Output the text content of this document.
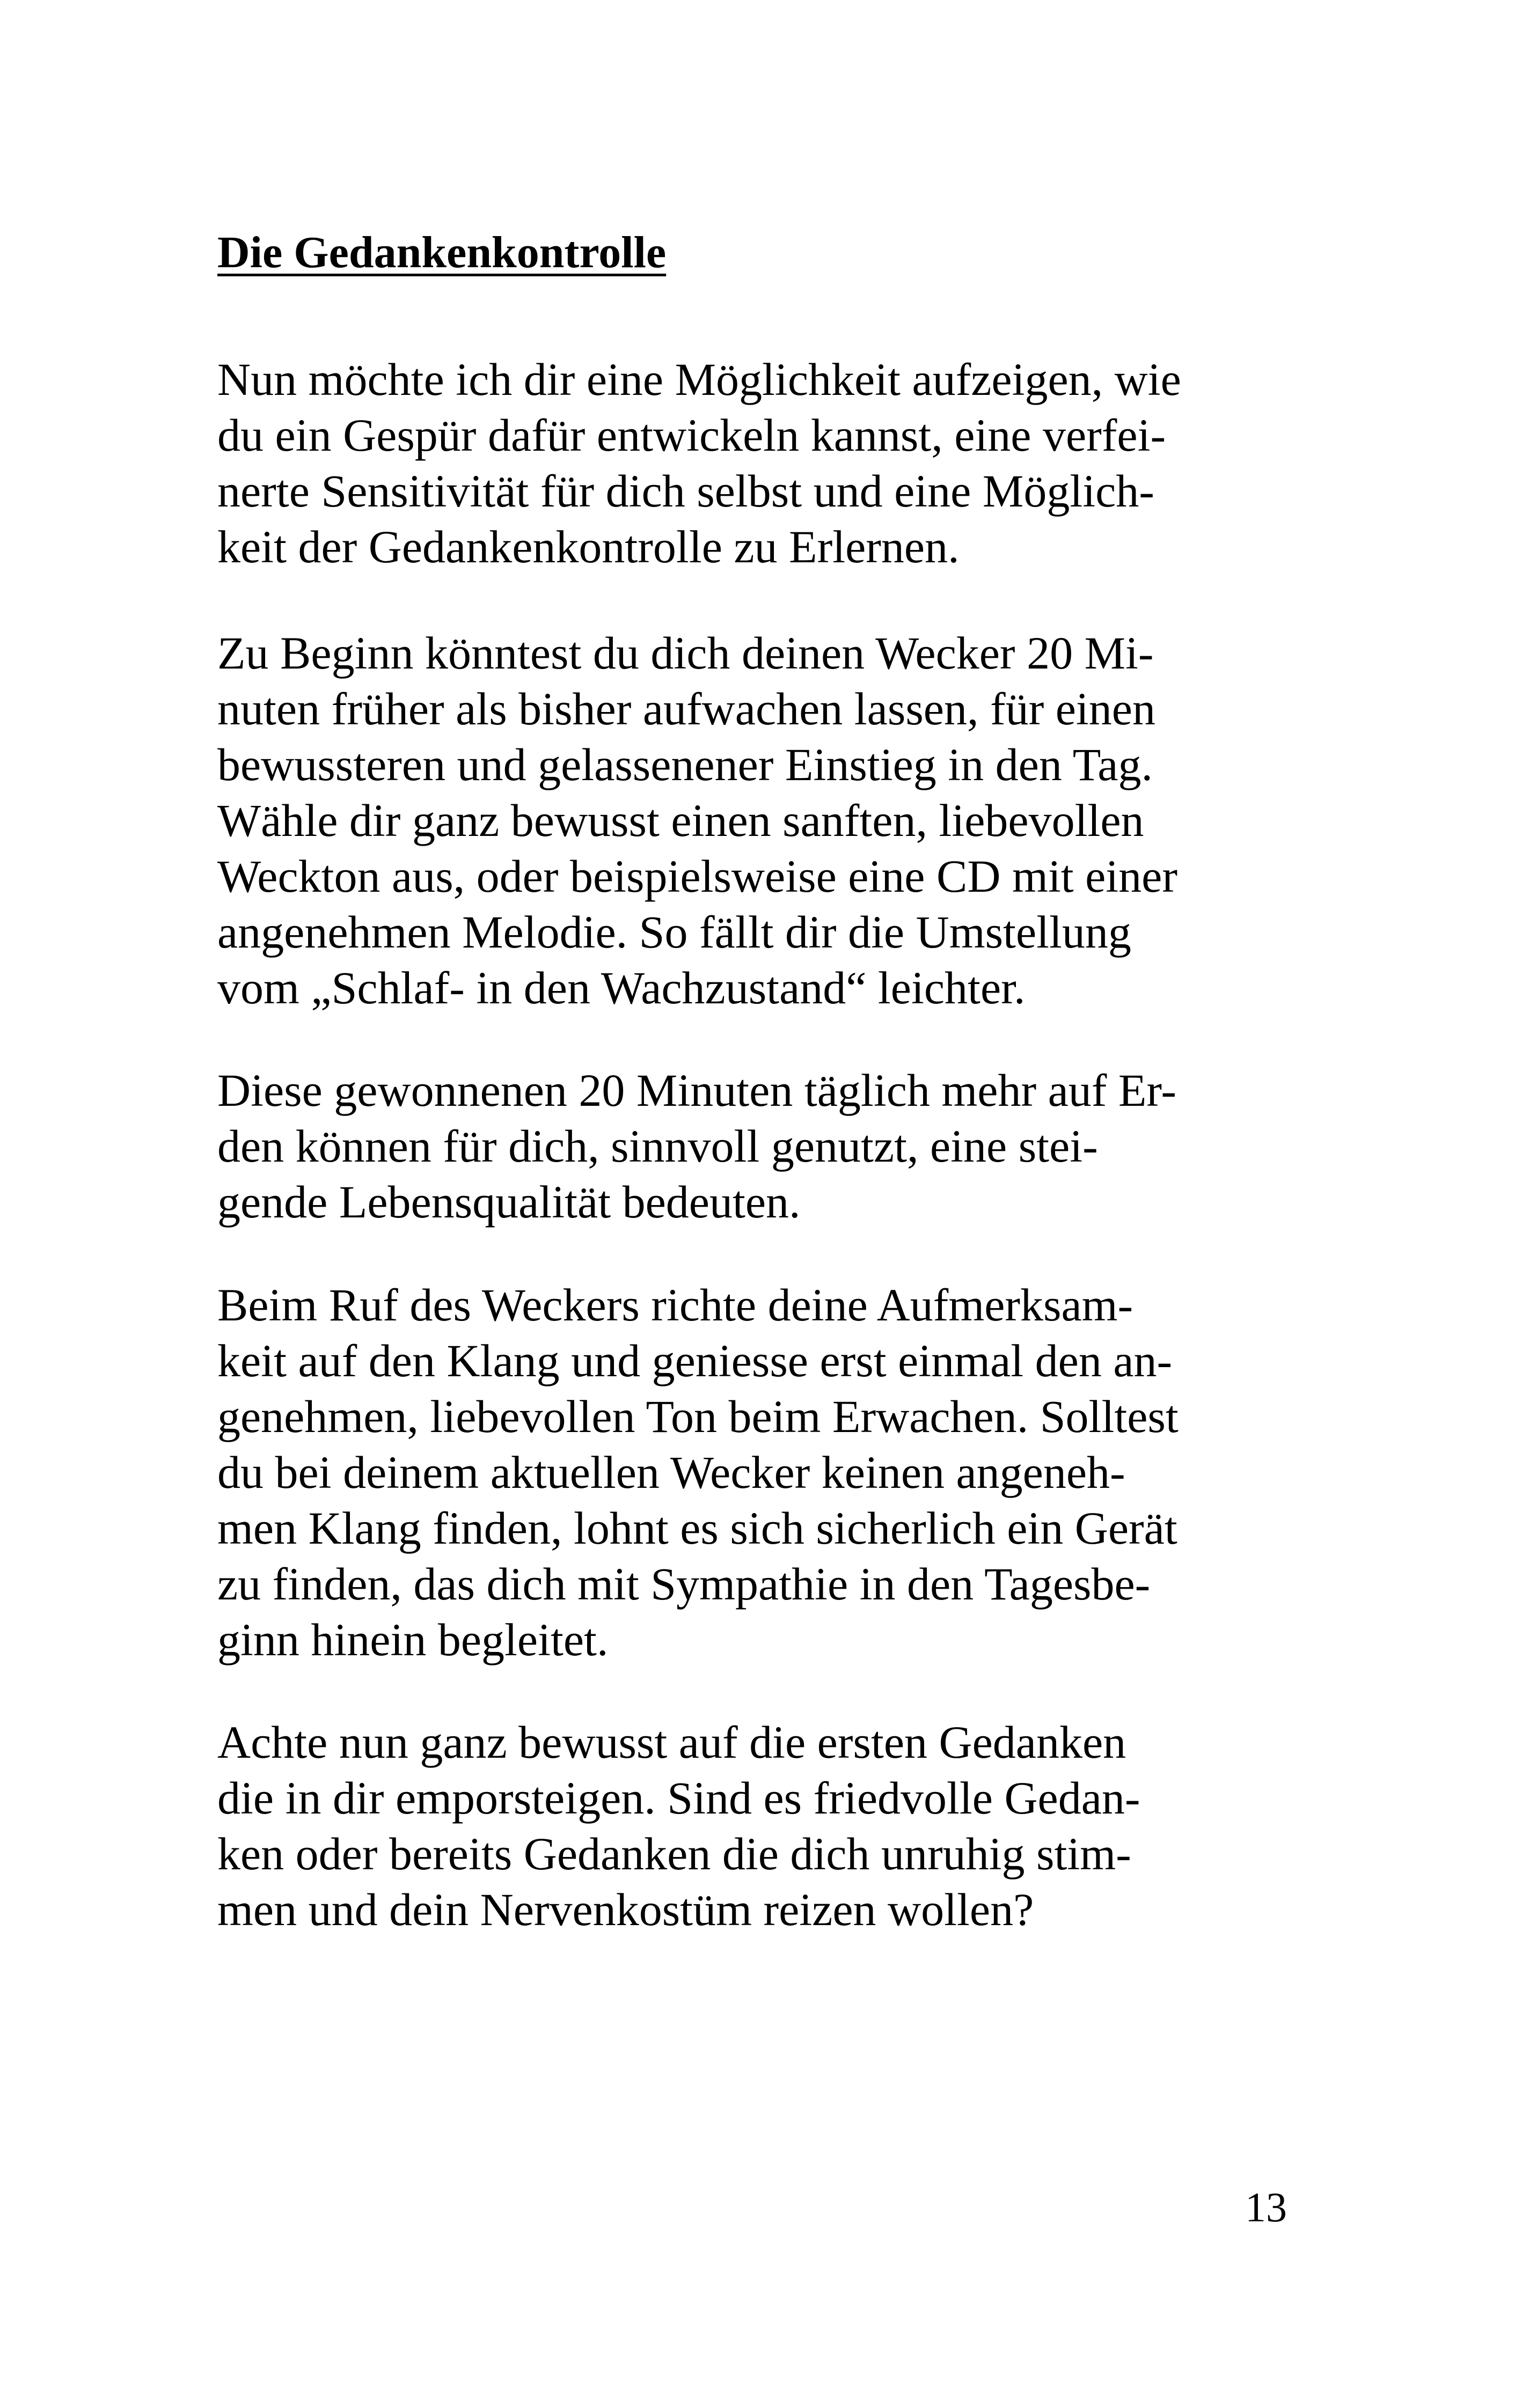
Die Gedankenkontrolle

Nun möchte ich dir eine Möglichkeit aufzeigen, wie
du ein Gespür dafür entwickeln kannst, eine verfei-
nerte Sensitivität für dich selbst und eine Möglich-
keit der Gedankenkontrolle zu Erlernen.

Zu Beginn könntest du dich deinen Wecker 20 Mi-
nuten früher als bisher aufwachen lassen, für einen
bewussteren und gelassenener Einstieg in den Tag.
Wähle dir ganz bewusst einen sanften, liebevollen
Weckton aus, oder beispielsweise eine CD mit einer
angenehmen Melodie. So fällt dir die Umstellung
vom „Schlaf- in den Wachzustand“ leichter.

Diese gewonnenen 20 Minuten täglich mehr auf Er-
den können für dich, sinnvoll genutzt, eine stei-
gende Lebensqualität bedeuten.

Beim Ruf des Weckers richte deine Aufmerksam-
keit auf den Klang und geniesse erst einmal den an-
genehmen, liebevollen Ton beim Erwachen. Solltest
du bei deinem aktuellen Wecker keinen angeneh-
men Klang finden, lohnt es sich sicherlich ein Gerät
zu finden, das dich mit Sympathie in den Tagesbe-
ginn hinein begleitet.

Achte nun ganz bewusst auf die ersten Gedanken
die in dir emporsteigen. Sind es friedvolle Gedan-
ken oder bereits Gedanken die dich unruhig stim-
men und dein Nervenkostüm reizen wollen?

13
